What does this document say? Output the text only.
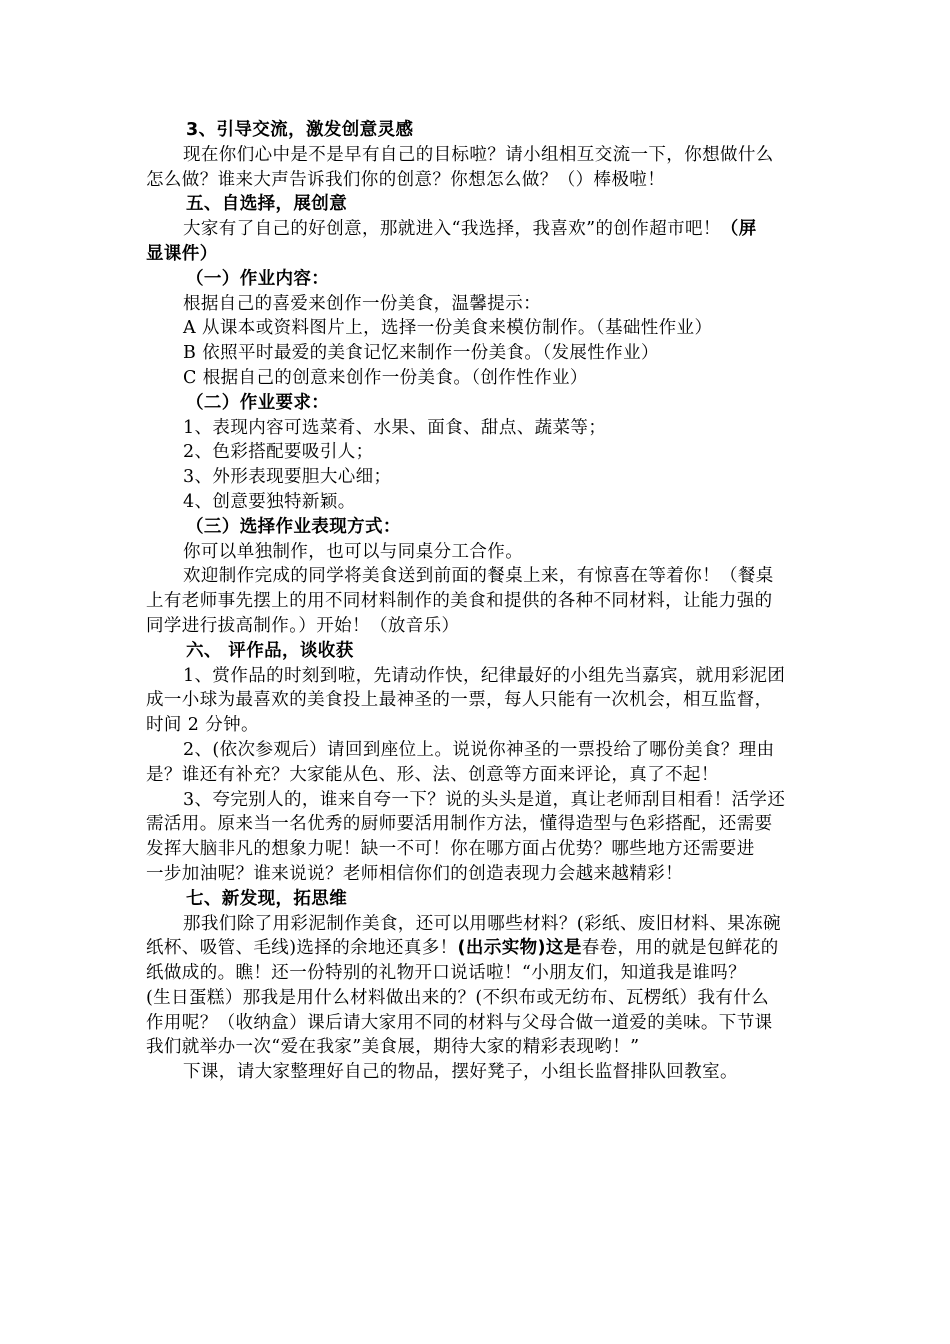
3、引导交流，激发创意灵感
现在你们心中是不是早有自己的目标啦？请小组相互交流一下，你想做什么
怎么做？谁来大声告诉我们你的创意？你想怎么做？（）棒极啦！
五、自选择，展创意
大家有了自己的好创意，那就进入“我选择，我喜欢”的创作超市吧！（屏
显课件）
（一）作业内容：
根据自己的喜爱来创作一份美食，温馨提示：
A 从课本或资料图片上，选择一份美食来模仿制作。（基础性作业）
B 依照平时最爱的美食记忆来制作一份美食。（发展性作业）
C 根据自己的创意来创作一份美食。（创作性作业）
（二）作业要求：
1、表现内容可选菜肴、水果、面食、甜点、蔬菜等；
2、色彩搭配要吸引人；
3、外形表现要胆大心细；
4、创意要独特新颖。
（三）选择作业表现方式：
你可以单独制作，也可以与同桌分工合作。
欢迎制作完成的同学将美食送到前面的餐桌上来，有惊喜在等着你！（餐桌
上有老师事先摆上的用不同材料制作的美食和提供的各种不同材料，让能力强的
同学进行拔高制作。）开始！（放音乐）
六、 评作品，谈收获
1、赏作品的时刻到啦，先请动作快，纪律最好的小组先当嘉宾，就用彩泥团
成一小球为最喜欢的美食投上最神圣的一票，每人只能有一次机会，相互监督，
时间 2 分钟。
2、(依次参观后）请回到座位上。说说你神圣的一票投给了哪份美食？理由
是？谁还有补充？大家能从色、形、法、创意等方面来评论，真了不起！
3、夸完别人的，谁来自夸一下？说的头头是道，真让老师刮目相看！活学还
需活用。原来当一名优秀的厨师要活用制作方法，懂得造型与色彩搭配，还需要
发挥大脑非凡的想象力呢！缺一不可！你在哪方面占优势？哪些地方还需要进
一步加油呢？谁来说说？老师相信你们的创造表现力会越来越精彩！
七、新发现，拓思维
那我们除了用彩泥制作美食，还可以用哪些材料？(彩纸、废旧材料、果冻碗
纸杯、吸管、毛线)选择的余地还真多！(出示实物)这是春卷，用的就是包鲜花的
纸做成的。瞧！还一份特别的礼物开口说话啦！“小朋友们，知道我是谁吗？
(生日蛋糕）那我是用什么材料做出来的？(不织布或无纺布、瓦楞纸）我有什么
作用呢？（收纳盒）课后请大家用不同的材料与父母合做一道爱的美味。下节课
我们就举办一次“爱在我家”美食展，期待大家的精彩表现哟！”
下课，请大家整理好自己的物品，摆好凳子，小组长监督排队回教室。
